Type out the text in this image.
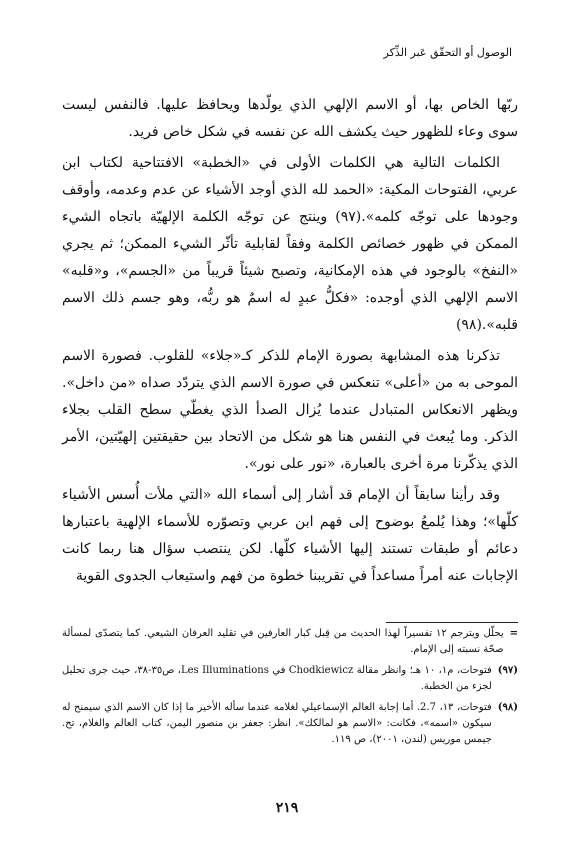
الوصول أو التحقّق عَبر الذِّكر

ربّها الخاص بها، أو الاسم الإلهي الذي يولّدها ويحافظ عليها. فالنفس ليست سوى وعاء للظهور حيث يكشف الله عن نفسه في شكل خاص فريد.

الكلمات التالية هي الكلمات الأولى في «الخطبة» الافتتاحية لكتاب ابن عربي، الفتوحات المكية: «الحمد لله الذي أوجد الأشياء عن عدم وعدمه، وأوقف وجودها على توجّه كلمه».(٩٧) وينتج عن توجّه الكلمة الإلهيّة باتجاه الشيء الممكن في ظهور خصائص الكلمة وفقاً لقابلية تأثّر الشيء الممكن؛ ثم يجري «النفخ» بالوجود في هذه الإمكانية، وتصبح شيئاً قريباً من «الجسم»، و«قلبه» الاسم الإلهي الذي أوجده: «فكلُّ عبدٍ له اسمٌ هو ربُّه، وهو جسم ذلك الاسم قلبه».(٩٨)

تذكرنا هذه المشابهة بصورة الإمام للذكر كـ«جلاء» للقلوب. فصورة الاسم الموحى به من «أعلى» تنعكس في صورة الاسم الذي يتردّد صداه «من داخل». ويظهر الانعكاس المتبادل عندما يُزال الصدأ الذي يغطّي سطح القلب بجلاء الذكر. وما يُبعث في النفس هنا هو شكل من الاتحاد بين حقيقتين إلهيّتين، الأمر الذي يذكّرنا مرة أخرى بالعبارة، «نور على نور».

وقد رأينا سابقاً أن الإمام قد أشار إلى أسماء الله «التي ملأت أُسس الأشياء كلّها»؛ وهذا يُلمعُ بوضوح إلى فهم ابن عربي وتصوّره للأسماء الإلهية باعتبارها دعائم أو طبقات تستند إليها الأشياء كلّها. لكن ينتصب سؤال هنا ربما كانت الإجابات عنه أمراً مساعداً في تقريبنا خطوة من فهم واستيعاب الجدوى القوية

=
يحلّل ويترجم ١٢ تفسيراً لهذا الحديث من قِبل كبار العارفين في تقليد العرفان الشيعي. كما يتصدّى لمسألة صحّة نسبته إلى الإمام.
(٩٧)
فتوحات، م١، ١٠ هـ؛ وانظر مقالة Chodkiewicz في Les Illuminations، ص٣٥-٣٨، حيث جرى تحليل لجزء من الخطبة.
(٩٨)
فتوحات، ١٣، 2.7. أما إجابة العالم الإسماعيلي لغلامه عندما سأله الأخير ما إذا كان الاسم الذي سيمنح له سيكون «اسمه»، فكانت: «الاسم هو لمالكك». انظر: جعفر بن منصور اليمن، كتاب العالم والغلام، تح. جيمس موريس (لندن، ٢٠٠١)، ص ١١٩.
٢١٩
